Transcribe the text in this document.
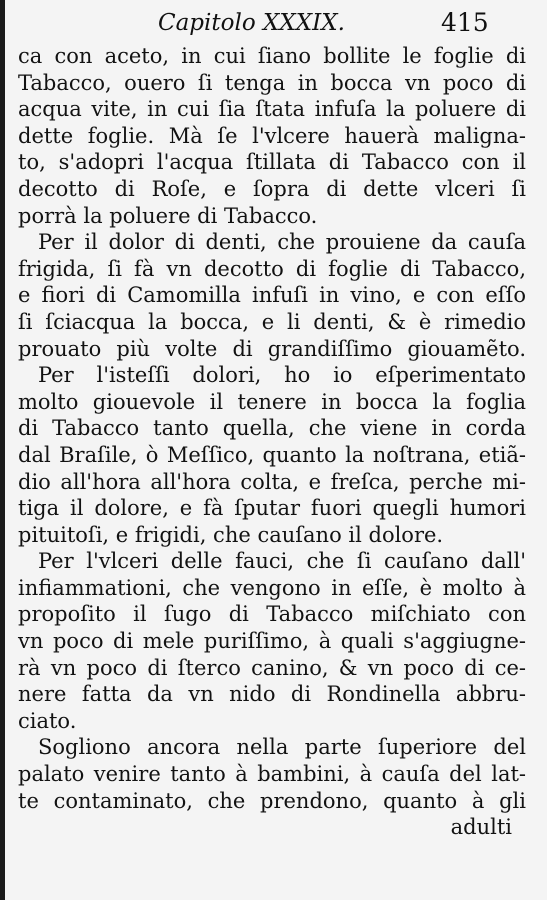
Capitolo XXXIX.	415
ca con aceto, in cui ſiano bollite le foglie di
Tabacco, ouero ſi tenga in bocca vn poco di
acqua vite, in cui ſia ſtata infuſa la poluere di
dette foglie. Mà ſe l'vlcere hauerà maligna-
to, s'adopri l'acqua ſtillata di Tabacco con il
decotto di Roſe, e ſopra di dette vlceri ſi
porrà la poluere di Tabacco.
Per il dolor di denti, che prouiene da cauſa
frigida, ſi fà vn decotto di foglie di Tabacco,
e fiori di Camomilla infuſi in vino, e con eſſo
ſi ſciacqua la bocca, e li denti, & è rimedio
prouato più volte di grandiſſimo giouamẽto.
Per l'isteſſi dolori, ho io eſperimentato
molto giouevole il tenere in bocca la foglia
di Tabacco tanto quella, che viene in corda
dal Braſile, ò Meſſico, quanto la noſtrana, etiã-
dio all'hora all'hora colta, e freſca, perche mi-
tiga il dolore, e fà ſputar fuori quegli humori
pituitoſi, e frigidi, che cauſano il dolore.
Per l'vlceri delle fauci, che ſi cauſano dall'
infiammationi, che vengono in eſſe, è molto à
propoſito il ſugo di Tabacco miſchiato con
vn poco di mele puriſſimo, à quali s'aggiugne-
rà vn poco di ſterco canino, & vn poco di ce-
nere fatta da vn nido di Rondinella abbru-
ciato.
Sogliono ancora nella parte ſuperiore del
palato venire tanto à bambini, à cauſa del lat-
te contaminato, che prendono, quanto à gli
adulti
